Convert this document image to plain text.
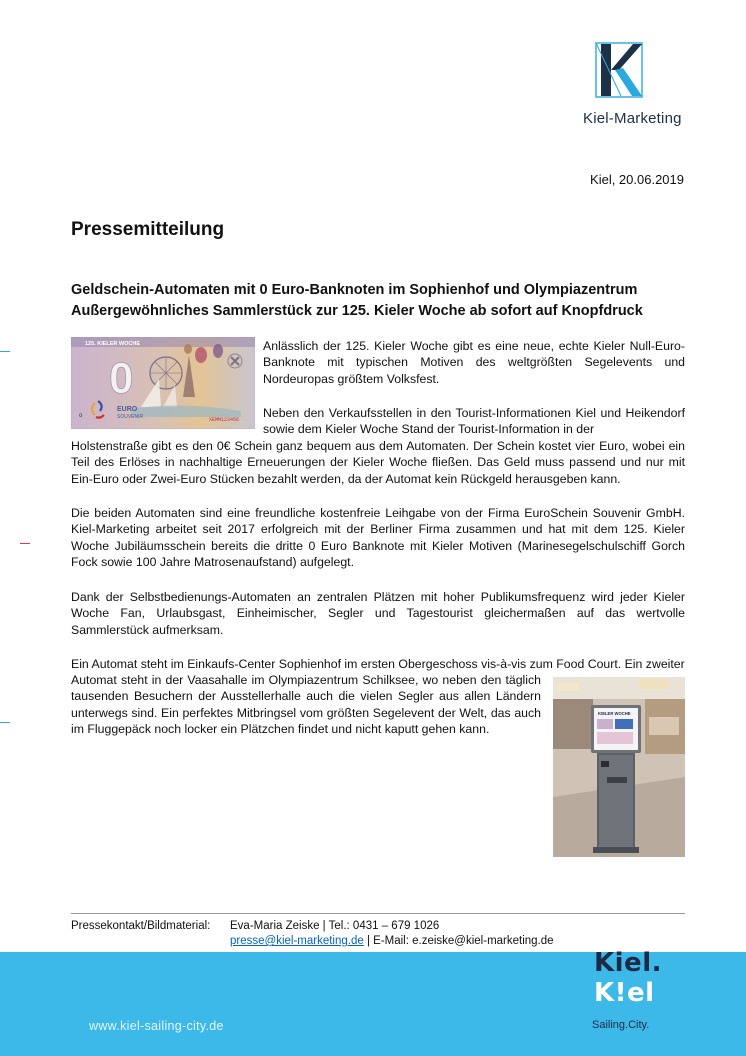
Kiel-Marketing
Kiel, 20.06.2019
Pressemitteilung
Geldschein-Automaten mit 0 Euro-Banknoten im Sophienhof und Olympiazentrum
Außergewöhnliches Sammlerstück zur 125. Kieler Woche ab sofort auf Knopfdruck
125. KIELER WOCHE
0
o
EURO
SOUVENIR	XEMM123456

Anlässlich der 125. Kieler Woche gibt es eine neue, echte Kieler Null-Euro-Banknote mit typischen Motiven des weltgrößten Segelevents und Nordeuropas größtem Volksfest.

Neben den Verkaufsstellen in den Tourist-Informationen Kiel und Heikendorf sowie dem Kieler Woche Stand der Tourist-Information in der

Holstenstraße gibt es den 0€ Schein ganz bequem aus dem Automaten. Der Schein kostet vier Euro, wobei ein Teil des Erlöses in nachhaltige Erneuerungen der Kieler Woche fließen. Das Geld muss passend und nur mit Ein-Euro oder Zwei-Euro Stücken bezahlt werden, da der Automat kein Rückgeld herausgeben kann.

Die beiden Automaten sind eine freundliche kostenfreie Leihgabe von der Firma EuroSchein Souvenir GmbH. Kiel-Marketing arbeitet seit 2017 erfolgreich mit der Berliner Firma zusammen und hat mit dem 125. Kieler Woche Jubiläumsschein bereits die dritte 0 Euro Banknote mit Kieler Motiven (Marinesegelschulschiff Gorch Fock sowie 100 Jahre Matrosenaufstand) aufgelegt.

Dank der Selbstbedienungs-Automaten an zentralen Plätzen mit hoher Publikumsfrequenz wird jeder Kieler Woche Fan, Urlaubsgast, Einheimischer, Segler und Tagestourist gleichermaßen auf das wertvolle Sammlerstück aufmerksam.

Ein Automat steht im Einkaufs-Center Sophienhof im ersten Obergeschoss vis-à-vis zum Food Court. Ein zweiter

Automat steht in der Vaasahalle im Olympiazentrum Schilksee, wo neben den täglich tausenden Besuchern der Ausstellerhalle auch die vielen Segler aus allen Ländern unterwegs sind. Ein perfektes Mitbringsel vom größten Segelevent der Welt, das auch im Fluggepäck noch locker ein Plätzchen findet und nicht kaputt gehen kann.

KIELER WOCHE
Pressekontakt/Bildmaterial: Eva-Maria Zeiske | Tel.: 0431 – 679 1026
presse@kiel-marketing.de | E-Mail: e.zeiske@kiel-marketing.de
www.kiel-sailing-city.de
Kiel.
K!el
Sailing.City.
